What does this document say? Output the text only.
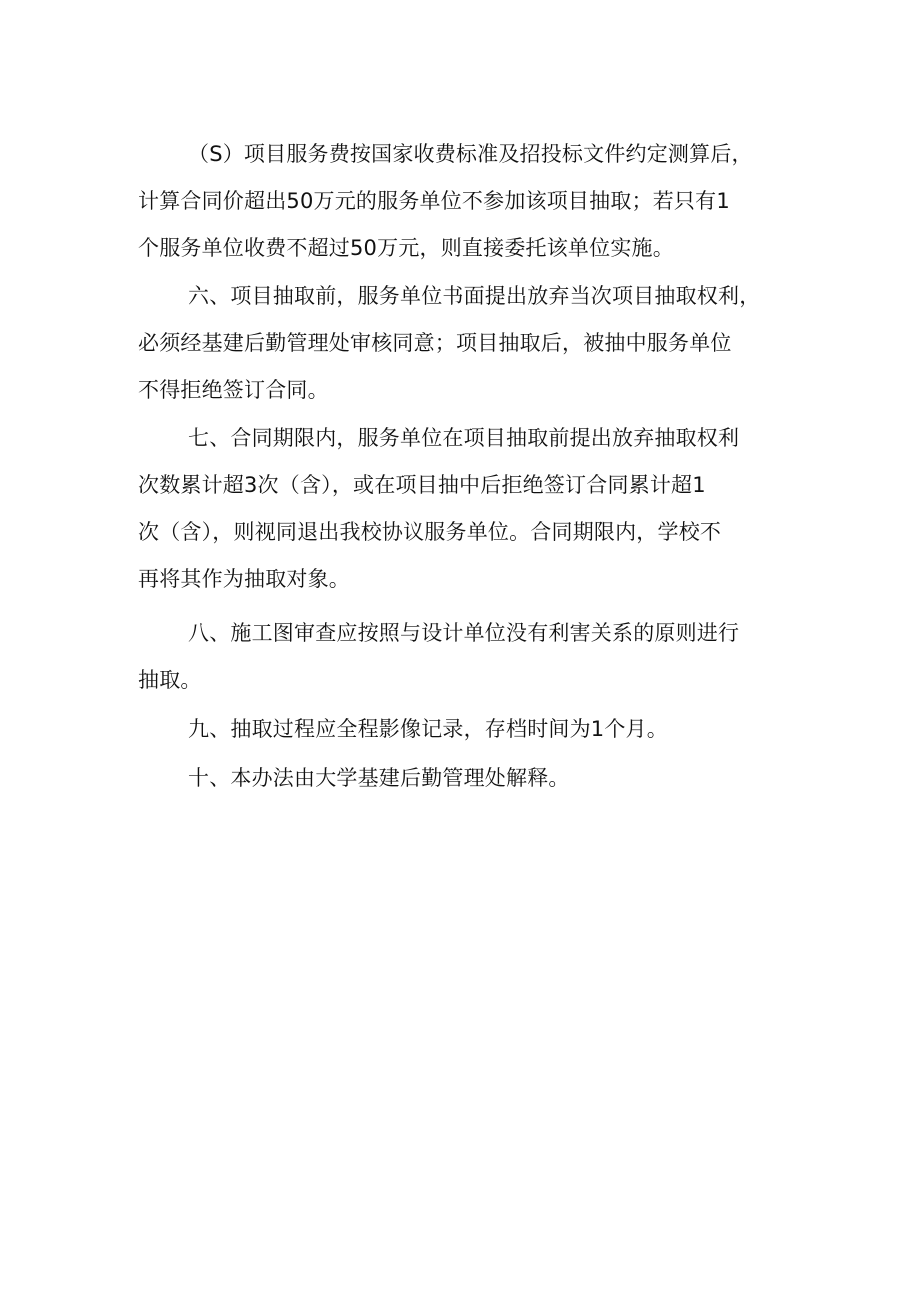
（S）项目服务费按国家收费标准及招投标文件约定测算后，
计算合同价超出50万元的服务单位不参加该项目抽取；若只有1
个服务单位收费不超过50万元，则直接委托该单位实施。
六、项目抽取前，服务单位书面提出放弃当次项目抽取权利，
必须经基建后勤管理处审核同意；项目抽取后，被抽中服务单位
不得拒绝签订合同。
七、合同期限内，服务单位在项目抽取前提出放弃抽取权利
次数累计超3次（含），或在项目抽中后拒绝签订合同累计超1
次（含），则视同退出我校协议服务单位。合同期限内，学校不
再将其作为抽取对象。
八、施工图审查应按照与设计单位没有利害关系的原则进行
抽取。
九、抽取过程应全程影像记录，存档时间为1个月。
十、本办法由大学基建后勤管理处解释。
